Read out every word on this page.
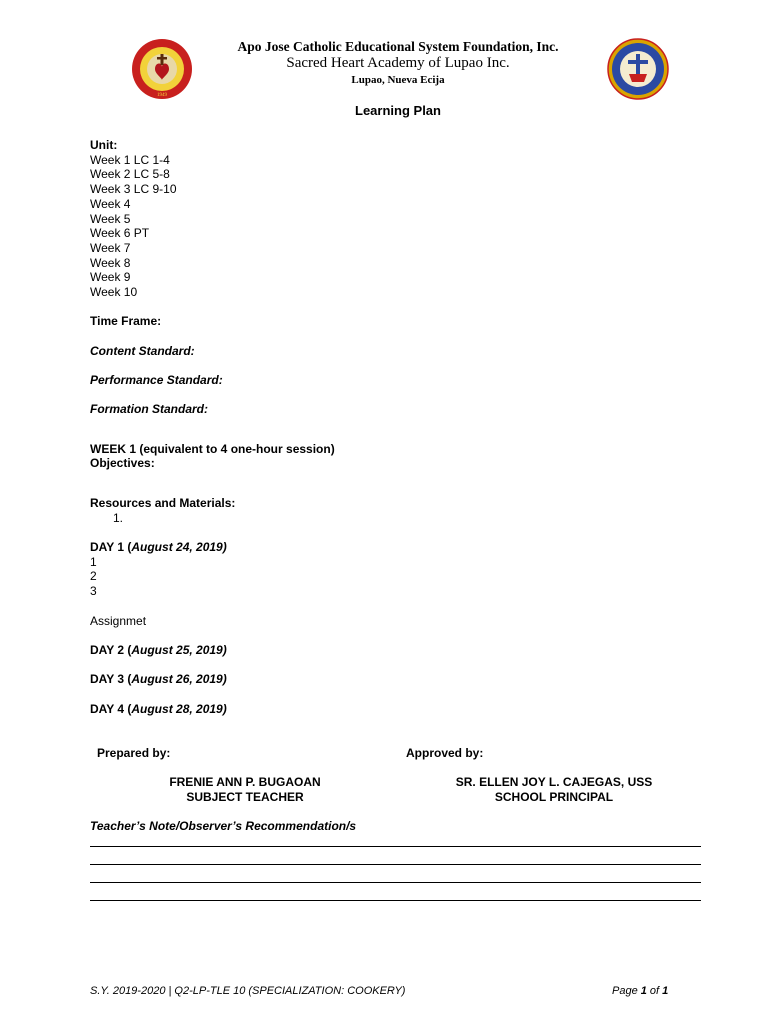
1949
Apo Jose Catholic Educational System Foundation, Inc.
Sacred Heart Academy of Lupao Inc.
Lupao, Nueva Ecija
Learning Plan
Unit:
Week 1 LC 1-4
Week 2 LC 5-8
Week 3 LC 9-10
Week 4
Week 5
Week 6 PT
Week 7
Week 8
Week 9
Week 10
Time Frame:
Content Standard:
Performance Standard:
Formation Standard:
WEEK 1 (equivalent to 4 one-hour session)
Objectives:
Resources and Materials:
1.
DAY 1 (August 24, 2019)
1
2
3
Assignmet
DAY 2 (August 25, 2019)
DAY 3 (August 26, 2019)
DAY 4 (August 28, 2019)
Prepared by:	Approved by:
FRENIE ANN P. BUGAOAN
SUBJECT TEACHER
SR. ELLEN JOY L. CAJEGAS, USS
SCHOOL PRINCIPAL
Teacher’s Note/Observer’s Recommendation/s
S.Y. 2019-2020 | Q2-LP-TLE 10 (SPECIALIZATION: COOKERY)	Page 1 of 1
